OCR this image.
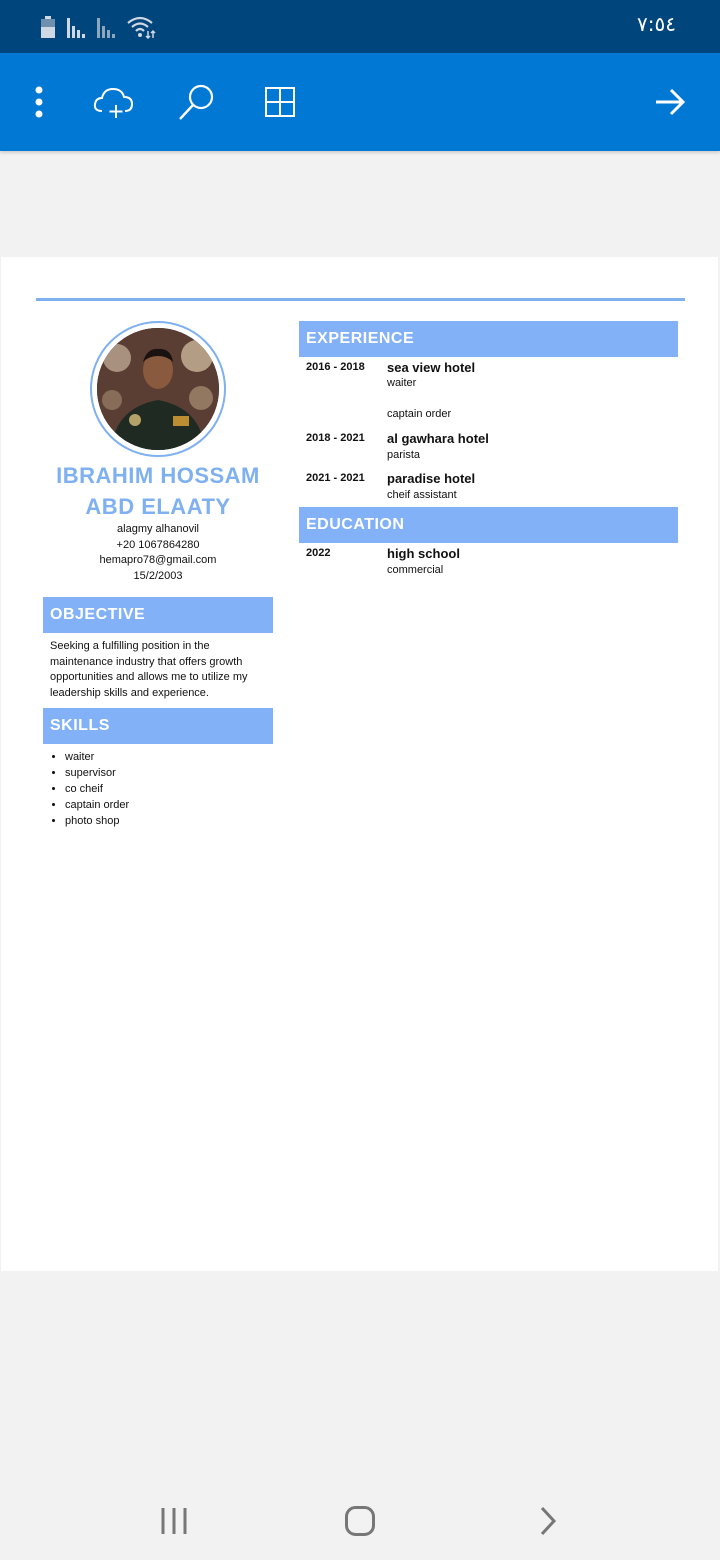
٧:٥٤
IBRAHIM HOSSAM
ABD ELAATY
alagmy alhanovil
+20 1067864280
hemapro78@gmail.com
15/2/2003
OBJECTIVE
Seeking a fulfilling position in the maintenance industry that offers growth opportunities and allows me to utilize my leadership skills and experience.
SKILLS
• waiter
• supervisor
• co cheif
• captain order
• photo shop
EXPERIENCE
2016 - 2018 sea view hotel
waiter
captain order
2018 - 2021 al gawhara hotel
parista
2021 - 2021 paradise hotel
cheif assistant
EDUCATION
2022	high school
commercial
